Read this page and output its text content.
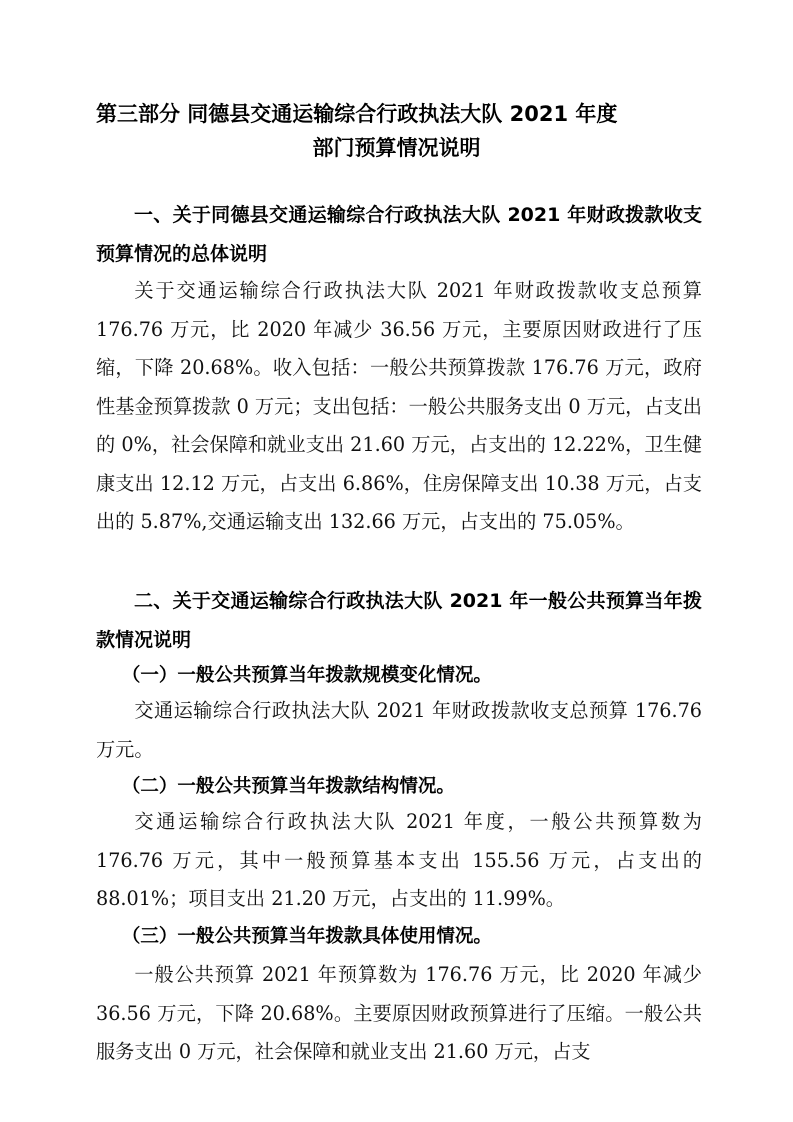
第三部分 同德县交通运输综合行政执法大队 2021 年度
部门预算情况说明

一、关于同德县交通运输综合行政执法大队 2021 年财政拨款收支预算情况的总体说明

关于交通运输综合行政执法大队 2021 年财政拨款收支总预算 176.76 万元，比 2020 年减少 36.56 万元，主要原因财政进行了压缩，下降 20.68%。收入包括：一般公共预算拨款 176.76 万元，政府性基金预算拨款 0 万元；支出包括：一般公共服务支出 0 万元，占支出的 0%，社会保障和就业支出 21.60 万元，占支出的 12.22%，卫生健康支出 12.12 万元，占支出 6.86%，住房保障支出 10.38 万元，占支出的 5.87%,交通运输支出 132.66 万元，占支出的 75.05%。

二、关于交通运输综合行政执法大队 2021 年一般公共预算当年拨款情况说明

（一）一般公共预算当年拨款规模变化情况。

交通运输综合行政执法大队 2021 年财政拨款收支总预算 176.76 万元。

（二）一般公共预算当年拨款结构情况。

交通运输综合行政执法大队 2021 年度，一般公共预算数为 176.76 万元，其中一般预算基本支出 155.56 万元，占支出的 88.01%；项目支出 21.20 万元，占支出的 11.99%。

（三）一般公共预算当年拨款具体使用情况。

一般公共预算 2021 年预算数为 176.76 万元，比 2020 年减少 36.56 万元，下降 20.68%。主要原因财政预算进行了压缩。一般公共服务支出 0 万元，社会保障和就业支出 21.60 万元，占支
